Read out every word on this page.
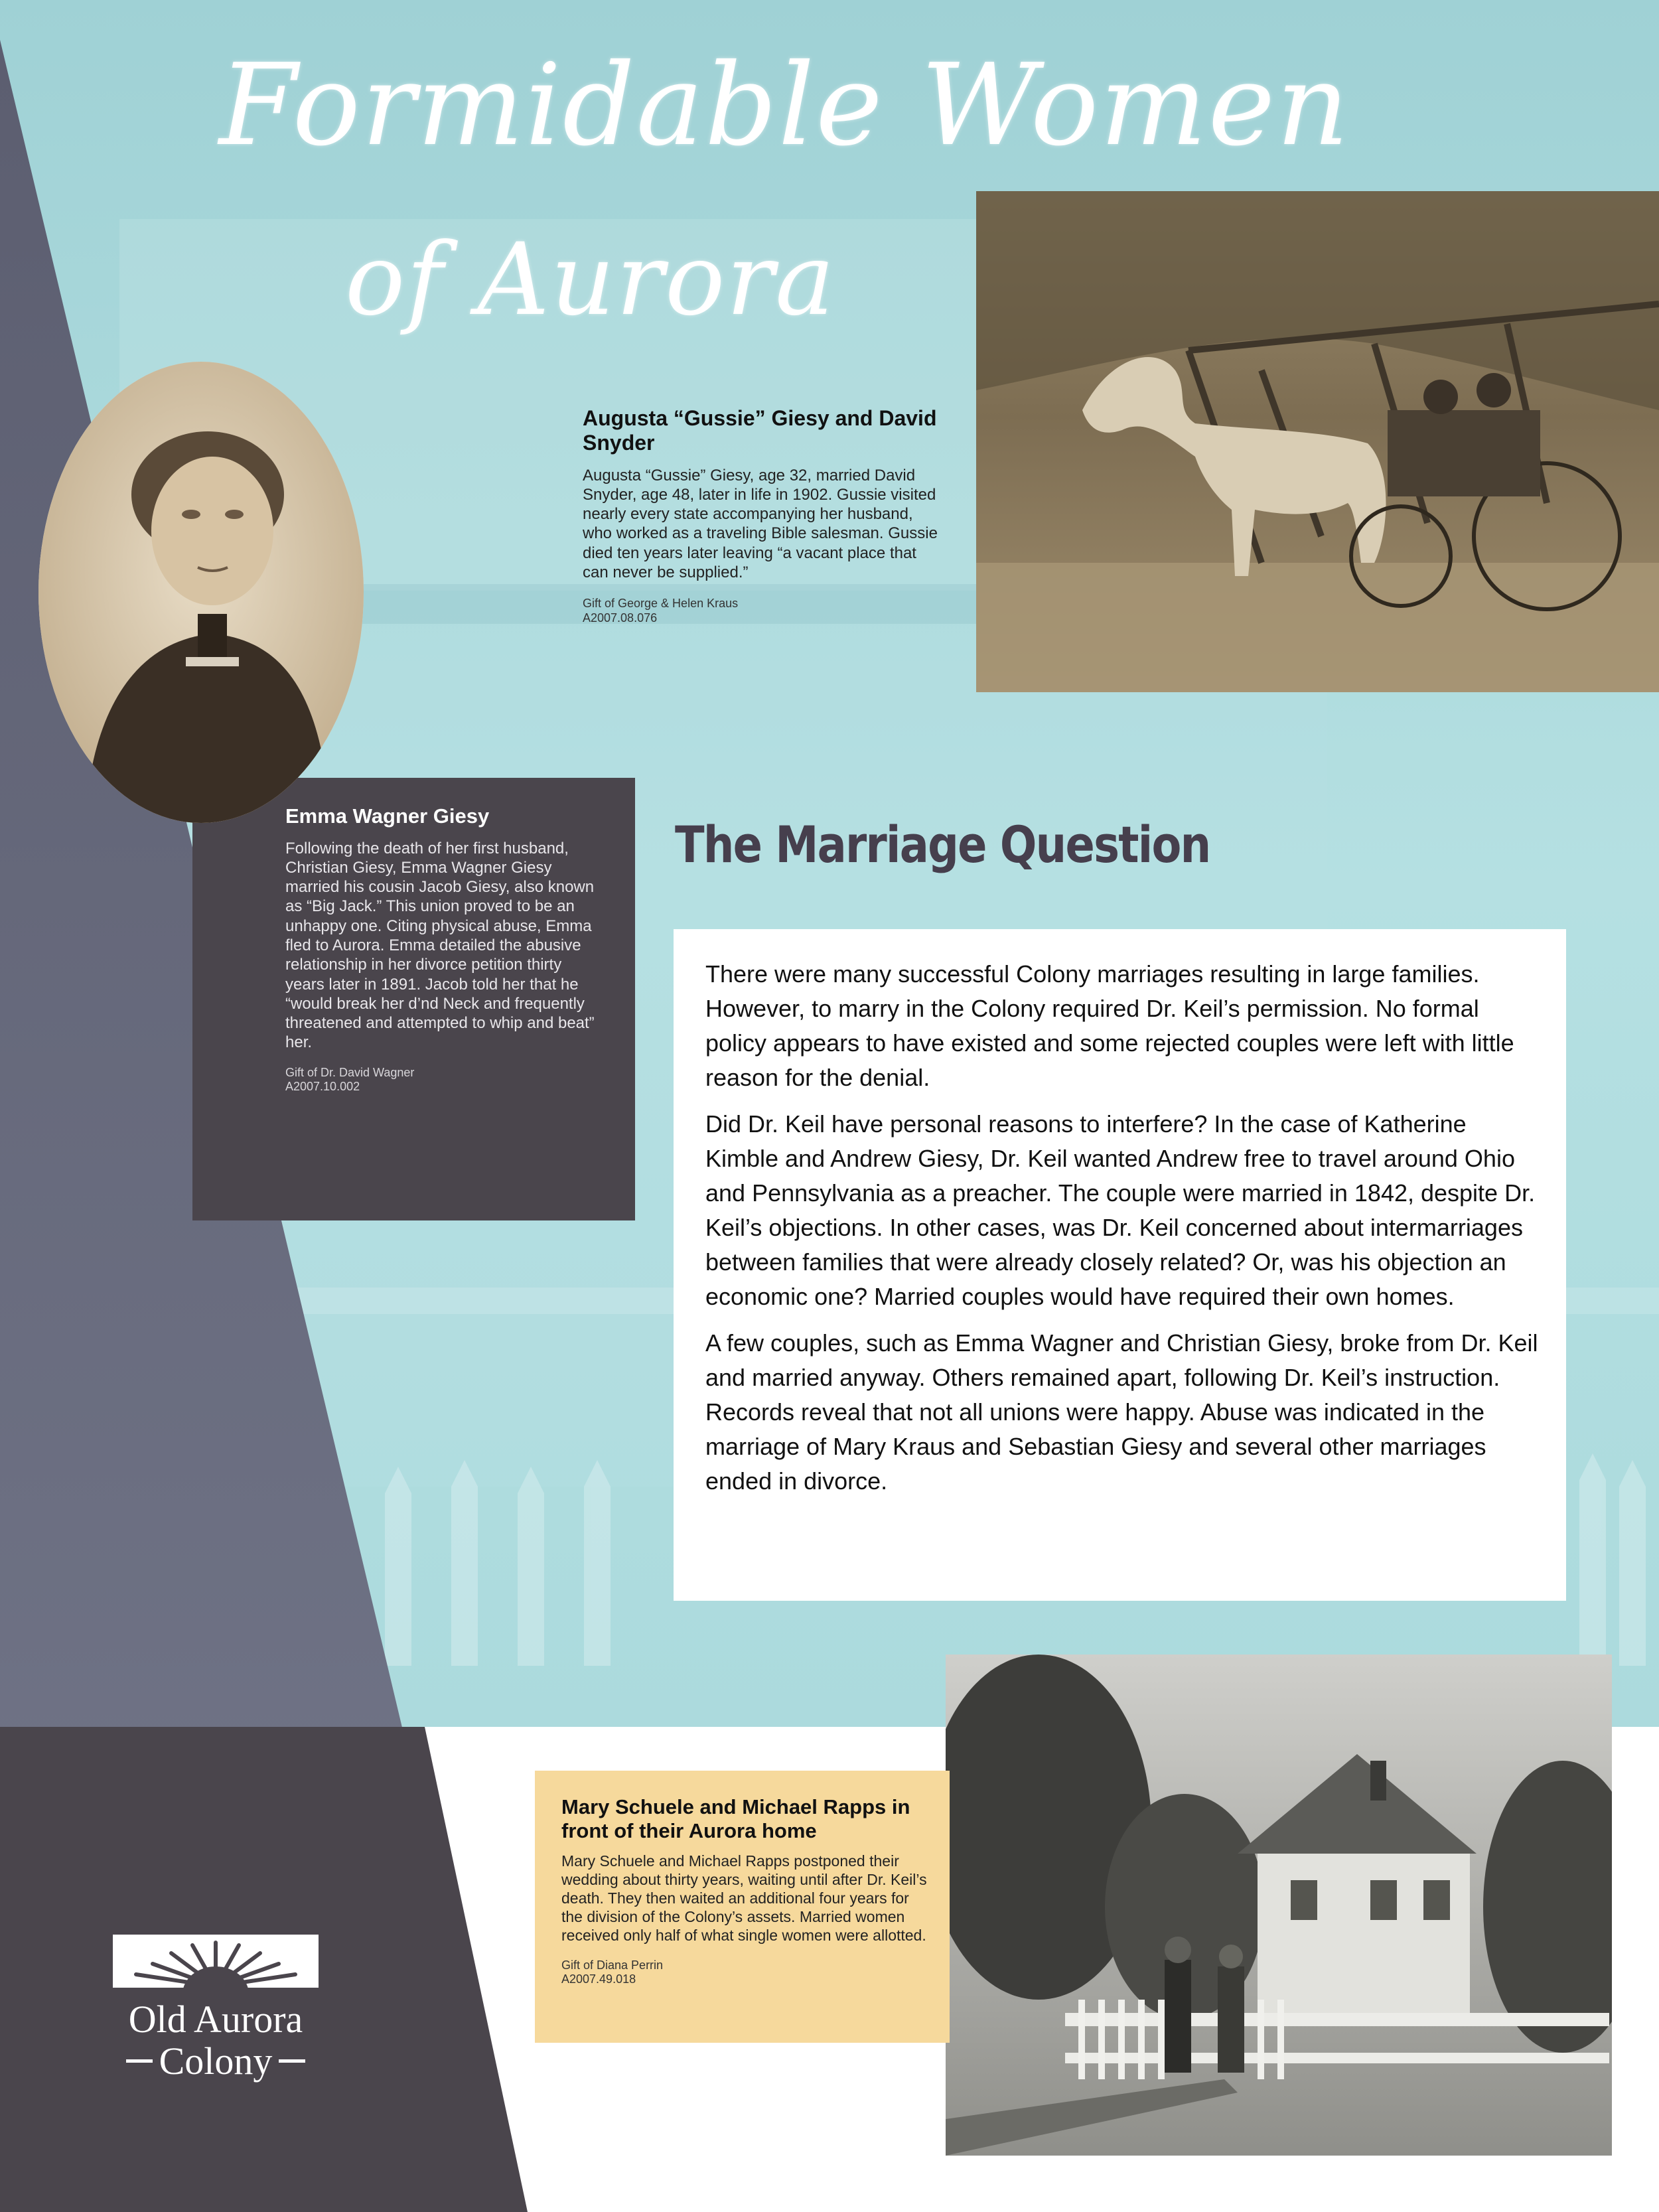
Formidable Women
of Aurora
Augusta “Gussie” Giesy and David Snyder
Augusta “Gussie” Giesy, age 32, married David Snyder, age 48, later in life in 1902. Gussie visited nearly every state accompanying her husband, who worked as a traveling Bible salesman. Gussie died ten years later leaving “a vacant place that can never be supplied.”
Gift of George & Helen Kraus
A2007.08.076
Emma Wagner Giesy
Following the death of her first husband, Christian Giesy, Emma Wagner Giesy married his cousin Jacob Giesy, also known as “Big Jack.” This union proved to be an unhappy one. Citing physical abuse, Emma fled to Aurora. Emma detailed the abusive relationship in her divorce petition thirty years later in 1891. Jacob told her that he “would break her d’nd Neck and frequently threatened and attempted to whip and beat” her.
Gift of Dr. David Wagner
A2007.10.002
The Marriage Question

There were many successful Colony marriages resulting in large families. However, to marry in the Colony required Dr. Keil’s permission. No formal policy appears to have existed and some rejected couples were left with little reason for the denial.

Did Dr. Keil have personal reasons to interfere? In the case of Katherine Kimble and Andrew Giesy, Dr. Keil wanted Andrew free to travel around Ohio and Pennsylvania as a preacher. The couple were married in 1842, despite Dr. Keil’s objections. In other cases, was Dr. Keil concerned about intermarriages between families that were already closely related? Or, was his objection an economic one? Married couples would have required their own homes.

A few couples, such as Emma Wagner and Christian Giesy, broke from Dr. Keil and married anyway. Others remained apart, following Dr. Keil’s instruction. Records reveal that not all unions were happy. Abuse was indicated in the marriage of Mary Kraus and Sebastian Giesy and several other marriages ended in divorce.

Mary Schuele and Michael Rapps in front of their Aurora home
Mary Schuele and Michael Rapps postponed their wedding about thirty years, waiting until after Dr. Keil’s death. They then waited an additional four years for the division of the Colony’s assets. Married women received only half of what single women were allotted.
Gift of Diana Perrin
A2007.49.018
Old Aurora
Colony
